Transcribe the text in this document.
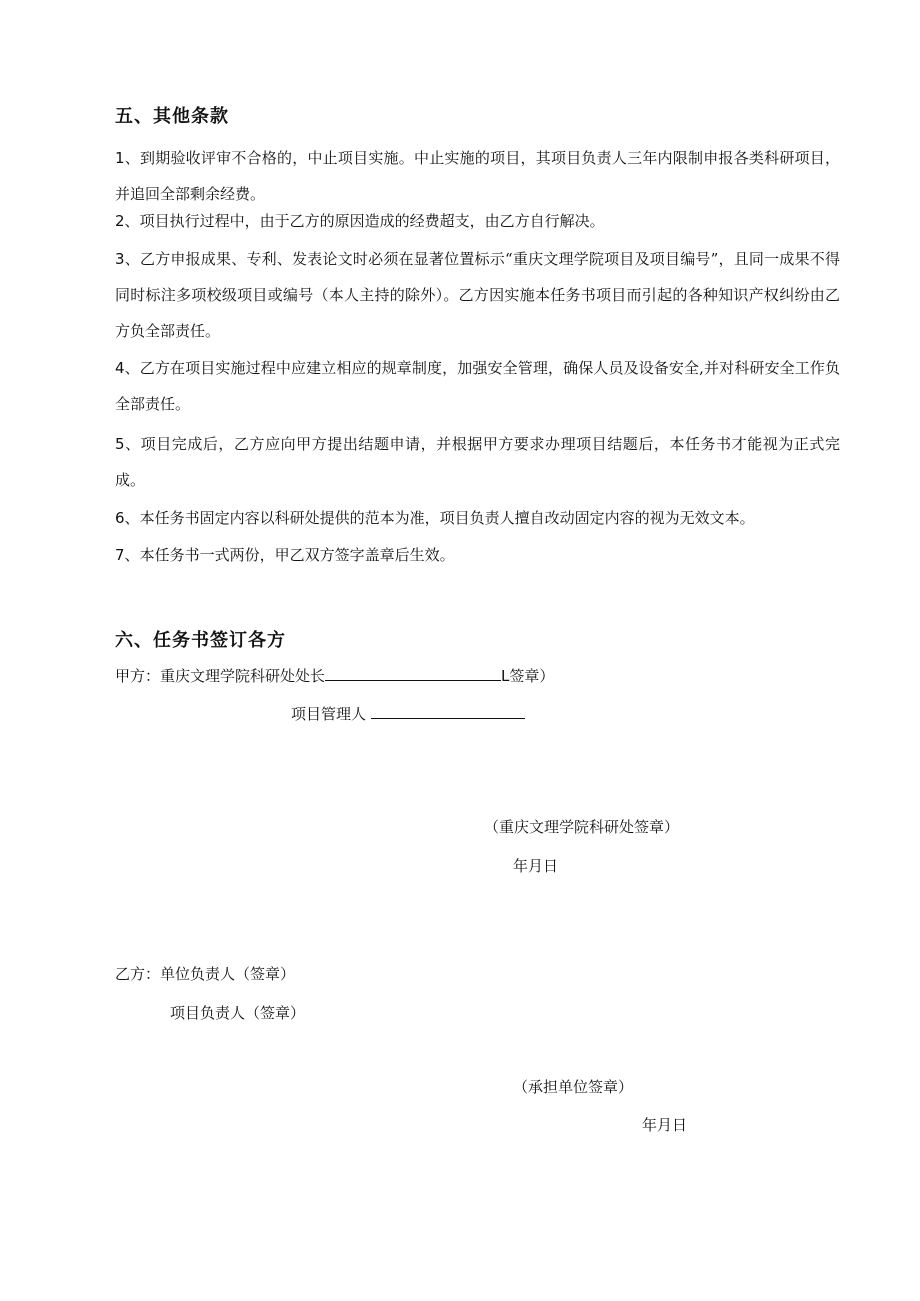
五、其他条款
1、到期验收评审不合格的，中止项目实施。中止实施的项目，其项目负责人三年内限制申报各类科研项目，并追回全部剩余经费。
2、项目执行过程中，由于乙方的原因造成的经费超支，由乙方自行解决。
3、乙方申报成果、专利、发表论文时必须在显著位置标示“重庆文理学院项目及项目编号”，且同一成果不得同时标注多项校级项目或编号（本人主持的除外）。乙方因实施本任务书项目而引起的各种知识产权纠纷由乙方负全部责任。
4、乙方在项目实施过程中应建立相应的规章制度，加强安全管理，确保人员及设备安全,并对科研安全工作负全部责任。
5、项目完成后，乙方应向甲方提出结题申请，并根据甲方要求办理项目结题后，本任务书才能视为正式完成。
6、本任务书固定内容以科研处提供的范本为准，项目负责人擅自改动固定内容的视为无效文本。
7、本任务书一式两份，甲乙双方签字盖章后生效。
六、任务书签订各方
甲方：重庆文理学院科研处处长	L签章）
项目管理人
（重庆文理学院科研处签章）
年月日
乙方：单位负责人（签章）
项目负责人（签章）
（承担单位签章）
年月日
